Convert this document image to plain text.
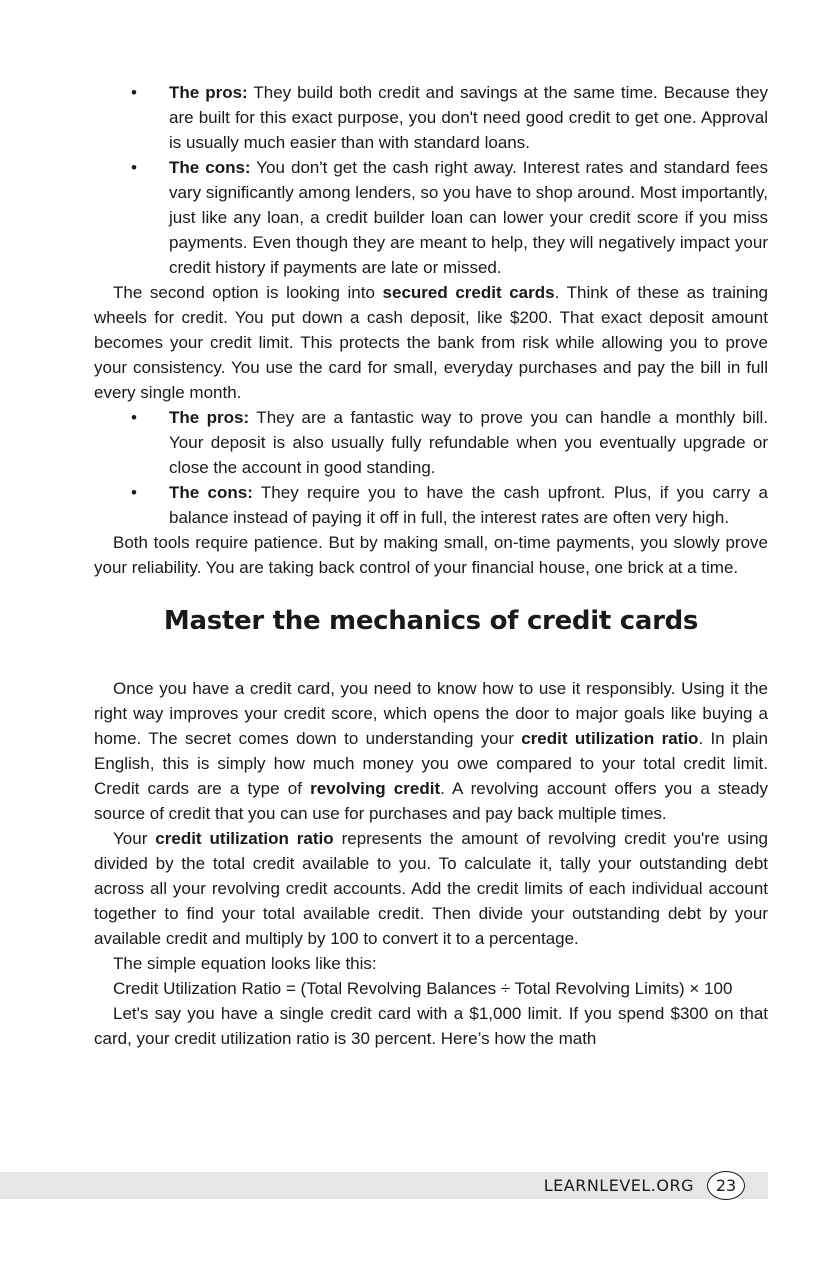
• The pros: They build both credit and savings at the same time. Because they are built for this exact purpose, you don't need good credit to get one. Approval is usually much easier than with standard loans.
• The cons: You don't get the cash right away. Interest rates and standard fees vary significantly among lenders, so you have to shop around. Most importantly, just like any loan, a credit builder loan can lower your credit score if you miss payments. Even though they are meant to help, they will negatively impact your credit history if payments are late or missed.

The second option is looking into secured credit cards. Think of these as training wheels for credit. You put down a cash deposit, like $200. That exact deposit amount becomes your credit limit. This protects the bank from risk while allowing you to prove your consistency. You use the card for small, everyday purchases and pay the bill in full every single month.

• The pros: They are a fantastic way to prove you can handle a monthly bill. Your deposit is also usually fully refundable when you eventually upgrade or close the account in good standing.
• The cons: They require you to have the cash upfront. Plus, if you carry a balance instead of paying it off in full, the interest rates are often very high.

Both tools require patience. But by making small, on-time payments, you slowly prove your reliability. You are taking back control of your financial house, one brick at a time.

Master the mechanics of credit cards

Once you have a credit card, you need to know how to use it responsibly. Using it the right way improves your credit score, which opens the door to major goals like buying a home. The secret comes down to understanding your credit utilization ratio. In plain English, this is simply how much money you owe compared to your total credit limit. Credit cards are a type of revolving credit. A revolving account offers you a steady source of credit that you can use for purchases and pay back multiple times.

Your credit utilization ratio represents the amount of revolving credit you're using divided by the total credit available to you. To calculate it, tally your outstanding debt across all your revolving credit accounts. Add the credit limits of each individual account together to find your total available credit. Then divide your outstanding debt by your available credit and multiply by 100 to convert it to a percentage.

The simple equation looks like this:

Credit Utilization Ratio = (Total Revolving Balances ÷ Total Revolving Limits) × 100

Let's say you have a single credit card with a $1,000 limit. If you spend $300 on that card, your credit utilization ratio is 30 percent. Here’s how the math

LEARNLEVEL.ORG	23
